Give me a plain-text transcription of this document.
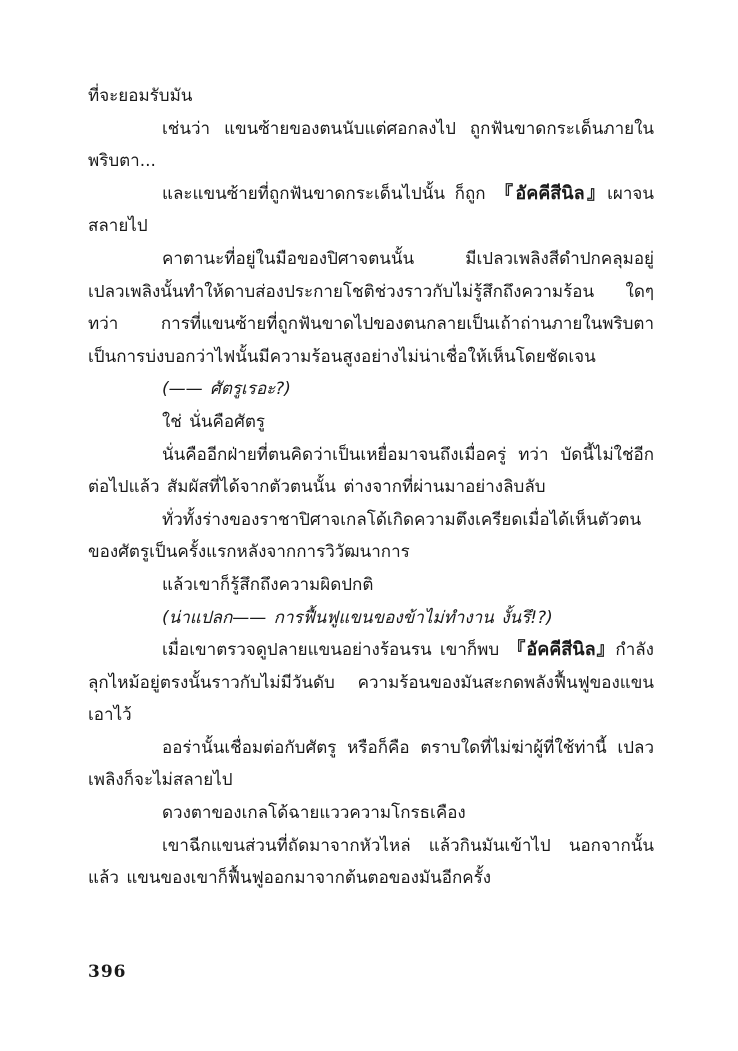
ที่จะยอมรับมัน

เช่นว่า แขนซ้ายของตนนับแต่ศอกลงไป ถูกฟันขาดกระเด็นภายในพริบตา...

และแขนซ้ายที่ถูกฟันขาดกระเด็นไปนั้น ก็ถูก 『อัคคีสีนิล』เผาจนสลายไป

คาตานะที่อยู่ในมือของปิศาจตนนั้น มีเปลวเพลิงสีดำปกคลุมอยู่ เปลวเพลิงนั้นทำให้ดาบส่องประกายโชติช่วงราวกับไม่รู้สึกถึงความร้อน ใดๆ ทว่า การที่แขนซ้ายที่ถูกฟันขาดไปของตนกลายเป็นเถ้าถ่านภายในพริบตา เป็นการบ่งบอกว่าไฟนั้นมีความร้อนสูงอย่างไม่น่าเชื่อให้เห็นโดยชัดเจน

(—— ศัตรูเรอะ?)

ใช่ นั่นคือศัตรู

นั่นคืออีกฝ่ายที่ตนคิดว่าเป็นเหยื่อมาจนถึงเมื่อครู่ ทว่า บัดนี้ไม่ใช่อีกต่อไปแล้ว สัมผัสที่ได้จากตัวตนนั้น ต่างจากที่ผ่านมาอย่างลิบลับ

ทั่วทั้งร่างของราชาปิศาจเกลโด้เกิดความตึงเครียดเมื่อได้เห็นตัวตนของศัตรูเป็นครั้งแรกหลังจากการวิวัฒนาการ

แล้วเขาก็รู้สึกถึงความผิดปกติ

(น่าแปลก—— การฟื้นฟูแขนของข้าไม่ทำงาน งั้นรึ!?)

เมื่อเขาตรวจดูปลายแขนอย่างร้อนรน เขาก็พบ 『อัคคีสีนิล』กำลังลุกไหม้อยู่ตรงนั้นราวกับไม่มีวันดับ ความร้อนของมันสะกดพลังฟื้นฟูของแขนเอาไว้

ออร่านั้นเชื่อมต่อกับศัตรู หรือก็คือ ตราบใดที่ไม่ฆ่าผู้ที่ใช้ท่านี้ เปลวเพลิงก็จะไม่สลายไป

ดวงตาของเกลโด้ฉายแววความโกรธเคือง

เขาฉีกแขนส่วนที่ถัดมาจากหัวไหล่ แล้วกินมันเข้าไป นอกจากนั้นแล้ว แขนของเขาก็ฟื้นฟูออกมาจากต้นตอของมันอีกครั้ง

396
